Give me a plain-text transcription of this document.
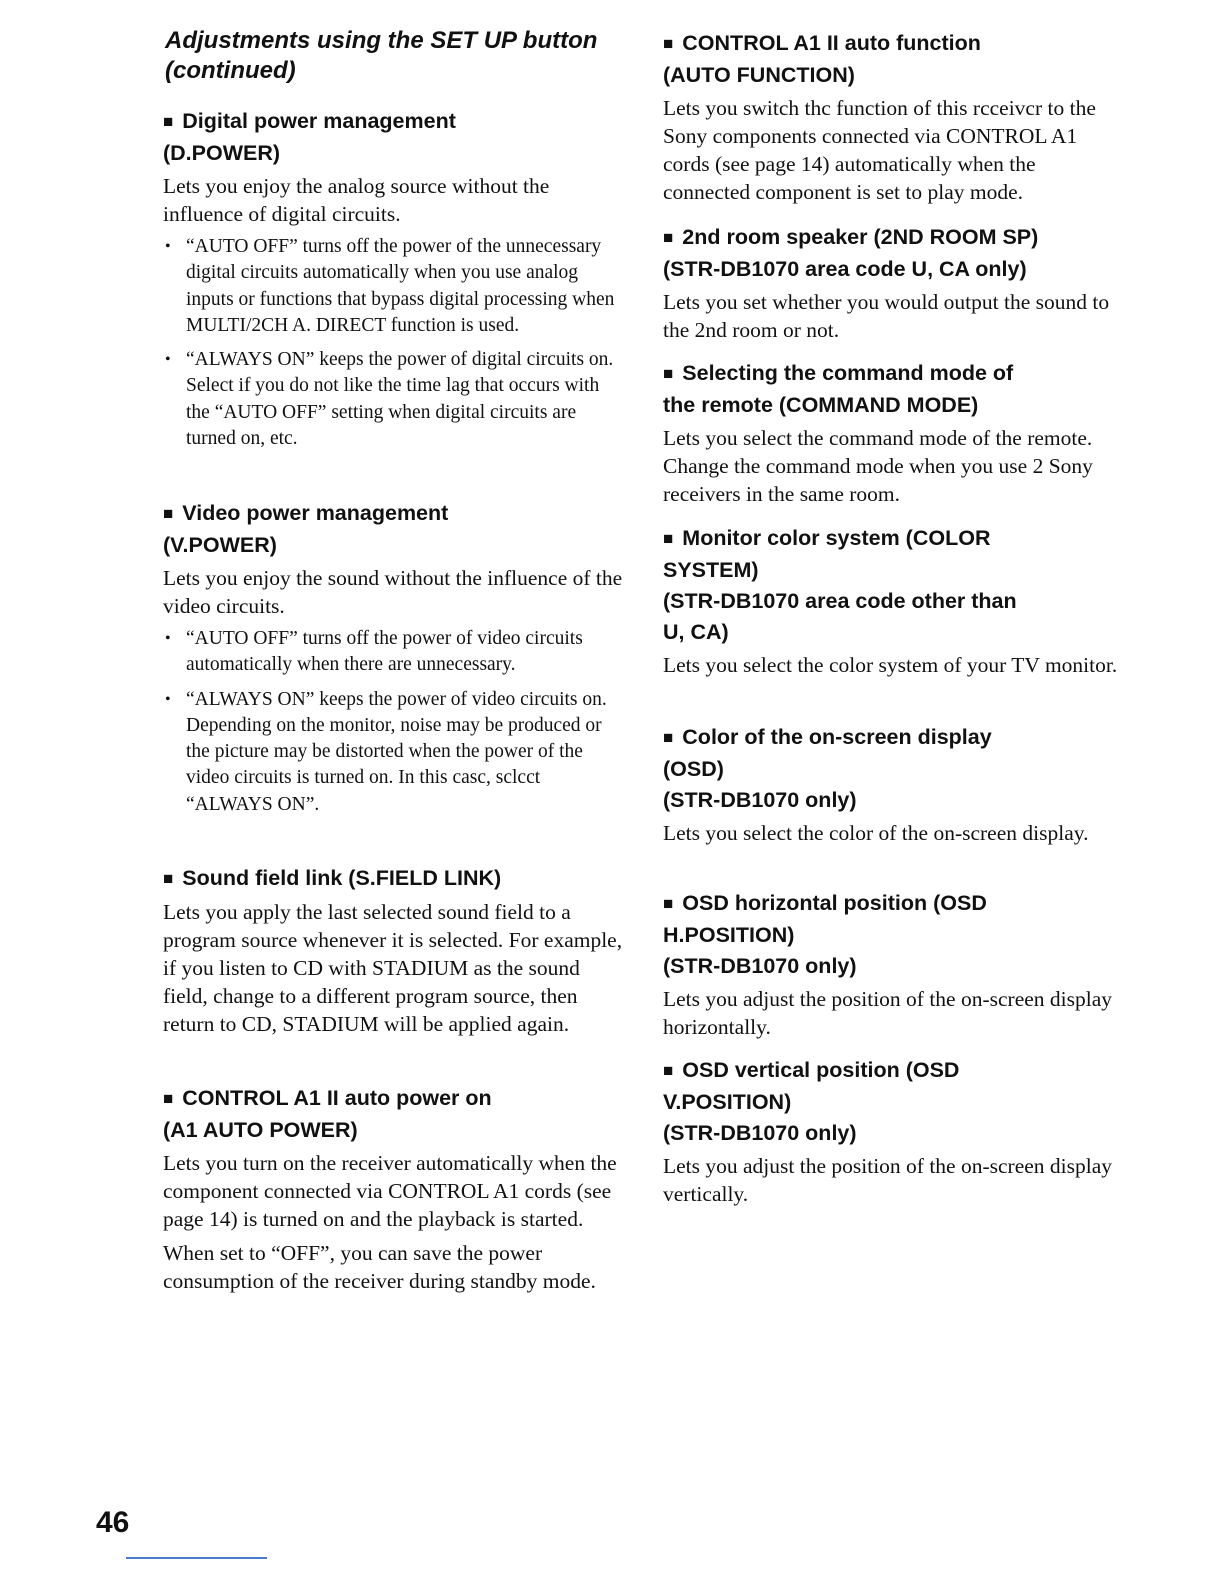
Adjustments using the SET UP button
(continued)
■ Digital power management
(D.POWER)

Lets you enjoy the analog source without the influence of digital circuits.

• “AUTO OFF” turns off the power of the unnecessary digital circuits automatically when you use analog inputs or functions that bypass digital processing when MULTI/2CH A. DIRECT function is used.
• “ALWAYS ON” keeps the power of digital circuits on. Select if you do not like the time lag that occurs with the “AUTO OFF” setting when digital circuits are turned on, etc.
■ Video power management
(V.POWER)

Lets you enjoy the sound without the influence of the video circuits.

• “AUTO OFF” turns off the power of video circuits automatically when there are unnecessary.
• “ALWAYS ON” keeps the power of video circuits on. Depending on the monitor, noise may be produced or the picture may be distorted when the power of the video circuits is turned on. In this casc, sclcct “ALWAYS ON”.
■ Sound field link (S.FIELD LINK)

Lets you apply the last selected sound field to a program source whenever it is selected. For example, if you listen to CD with STADIUM as the sound field, change to a different program source, then return to CD, STADIUM will be applied again.

■ CONTROL A1 II auto power on
(A1 AUTO POWER)

Lets you turn on the receiver automatically when the component connected via CONTROL A1 cords (see page 14) is turned on and the playback is started.

When set to “OFF”, you can save the power consumption of the receiver during standby mode.

■ CONTROL A1 II auto function
(AUTO FUNCTION)

Lets you switch thc function of this rcceivcr to the Sony components connected via CONTROL A1 cords (see page 14) automatically when the connected component is set to play mode.

■ 2nd room speaker (2ND ROOM SP)
(STR-DB1070 area code U, CA only)

Lets you set whether you would output the sound to the 2nd room or not.

■ Selecting the command mode of
the remote (COMMAND MODE)

Lets you select the command mode of the remote. Change the command mode when you use 2 Sony receivers in the same room.

■ Monitor color system (COLOR
SYSTEM)
(STR-DB1070 area code other than
U, CA)

Lets you select the color system of your TV monitor.

■ Color of the on-screen display
(OSD)
(STR-DB1070 only)

Lets you select the color of the on-screen display.

■ OSD horizontal position (OSD
H.POSITION)
(STR-DB1070 only)

Lets you adjust the position of the on-screen display horizontally.

■ OSD vertical position (OSD
V.POSITION)
(STR-DB1070 only)

Lets you adjust the position of the on-screen display vertically.

46
